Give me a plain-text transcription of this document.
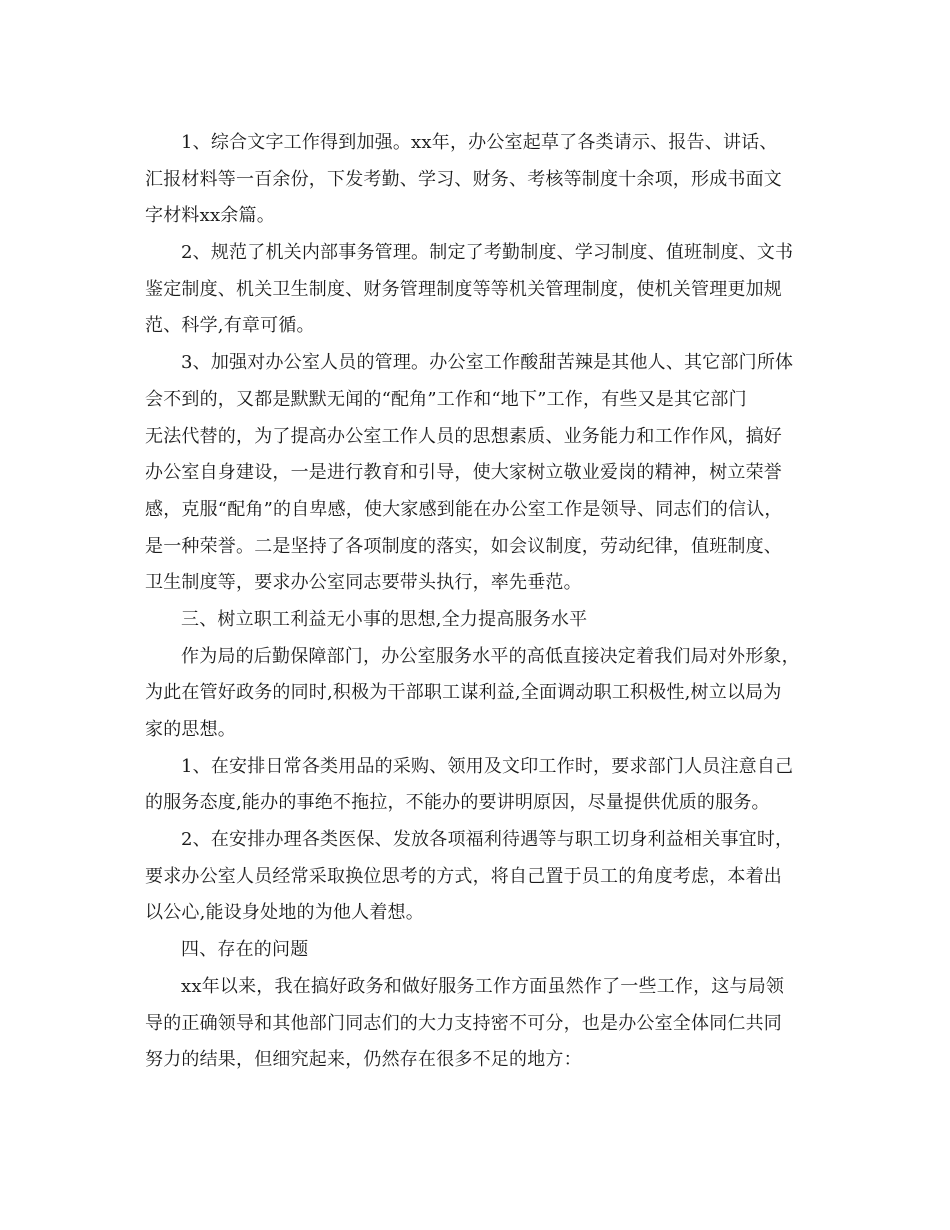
1、综合文字工作得到加强。xx年，办公室起草了各类请示、报告、讲话、
汇报材料等一百余份，下发考勤、学习、财务、考核等制度十余项，形成书面文
字材料xx余篇。
2、规范了机关内部事务管理。制定了考勤制度、学习制度、值班制度、文书
鉴定制度、机关卫生制度、财务管理制度等等机关管理制度，使机关管理更加规
范、科学,有章可循。
3、加强对办公室人员的管理。办公室工作酸甜苦辣是其他人、其它部门所体
会不到的，又都是默默无闻的“配角”工作和“地下”工作，有些又是其它部门
无法代替的，为了提高办公室工作人员的思想素质、业务能力和工作作风，搞好
办公室自身建设，一是进行教育和引导，使大家树立敬业爱岗的精神，树立荣誉
感，克服“配角”的自卑感，使大家感到能在办公室工作是领导、同志们的信认，
是一种荣誉。二是坚持了各项制度的落实，如会议制度，劳动纪律，值班制度、
卫生制度等，要求办公室同志要带头执行，率先垂范。
三、树立职工利益无小事的思想,全力提高服务水平
作为局的后勤保障部门，办公室服务水平的高低直接决定着我们局对外形象，
为此在管好政务的同时,积极为干部职工谋利益,全面调动职工积极性,树立以局为
家的思想。
1、在安排日常各类用品的采购、领用及文印工作时，要求部门人员注意自己
的服务态度,能办的事绝不拖拉，不能办的要讲明原因，尽量提供优质的服务。
2、在安排办理各类医保、发放各项福利待遇等与职工切身利益相关事宜时，
要求办公室人员经常采取换位思考的方式，将自己置于员工的角度考虑，本着出
以公心,能设身处地的为他人着想。
四、存在的问题
xx年以来，我在搞好政务和做好服务工作方面虽然作了一些工作，这与局领
导的正确领导和其他部门同志们的大力支持密不可分，也是办公室全体同仁共同
努力的结果，但细究起来，仍然存在很多不足的地方：
